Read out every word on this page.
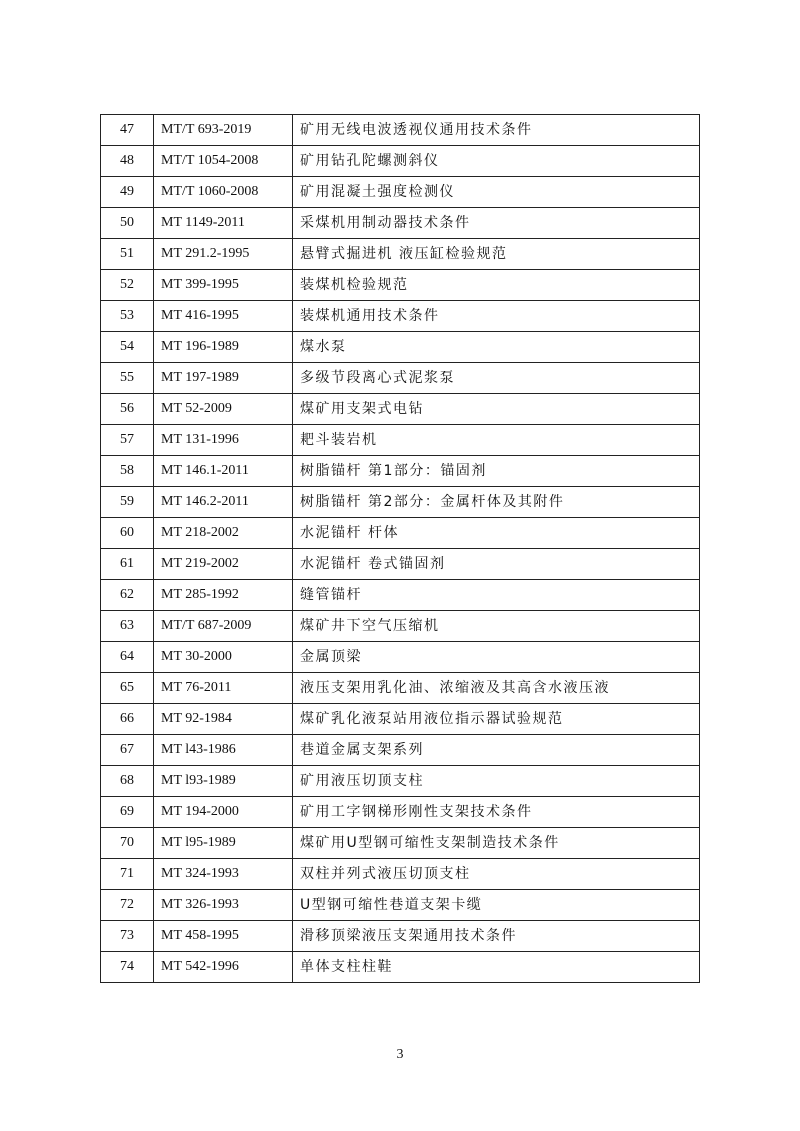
47	MT/T 693-2019	矿用无线电波透视仪通用技术条件
48	MT/T 1054-2008	矿用钻孔陀螺测斜仪
49	MT/T 1060-2008	矿用混凝土强度检测仪
50	MT 1149-2011	采煤机用制动器技术条件
51	MT 291.2-1995	悬臂式掘进机 液压缸检验规范
52	MT 399-1995	装煤机检验规范
53	MT 416-1995	装煤机通用技术条件
54	MT 196-1989	煤水泵
55	MT 197-1989	多级节段离心式泥浆泵
56	MT 52-2009	煤矿用支架式电钻
57	MT 131-1996	耙斗装岩机
58	MT 146.1-2011	树脂锚杆 第1部分：锚固剂
59	MT 146.2-2011	树脂锚杆 第2部分：金属杆体及其附件
60	MT 218-2002	水泥锚杆 杆体
61	MT 219-2002	水泥锚杆 卷式锚固剂
62	MT 285-1992	缝管锚杆
63	MT/T 687-2009	煤矿井下空气压缩机
64	MT 30-2000	金属顶梁
65	MT 76-2011	液压支架用乳化油、浓缩液及其高含水液压液
66	MT 92-1984	煤矿乳化液泵站用液位指示器试验规范
67	MT l43-1986	巷道金属支架系列
68	MT l93-1989	矿用液压切顶支柱
69	MT 194-2000	矿用工字钢梯形刚性支架技术条件
70	MT l95-1989	煤矿用U型钢可缩性支架制造技术条件
71	MT 324-1993	双柱并列式液压切顶支柱
72	MT 326-1993	U型钢可缩性巷道支架卡缆
73	MT 458-1995	滑移顶梁液压支架通用技术条件
74	MT 542-1996	单体支柱柱鞋
3
